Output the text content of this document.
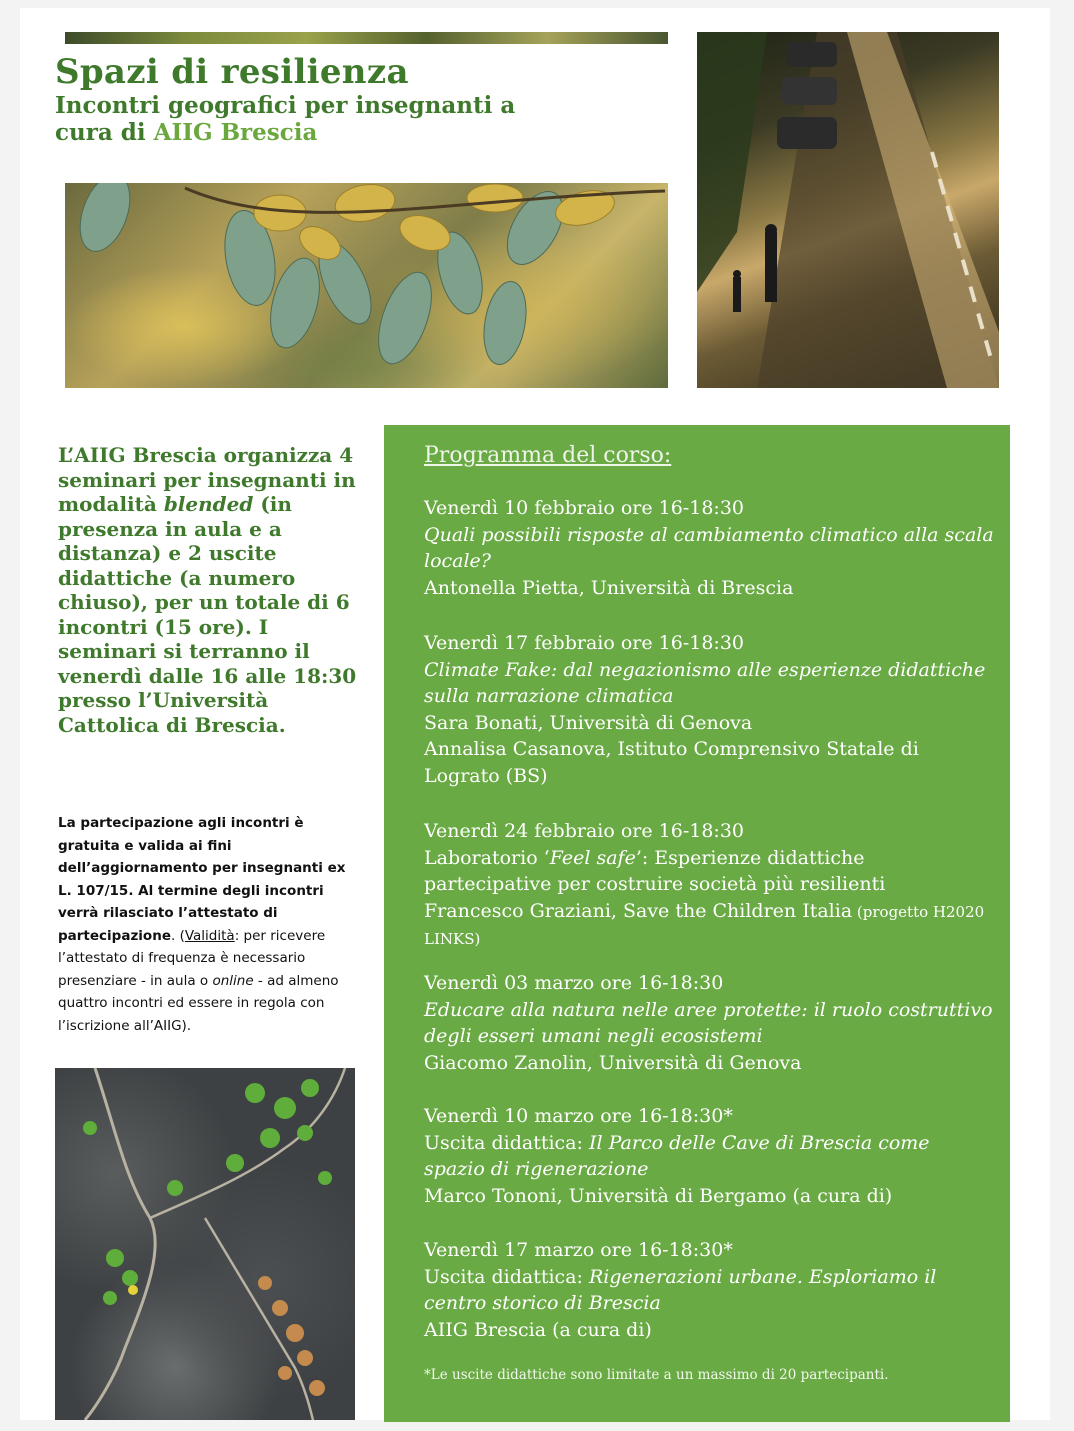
Spazi di resilienza
Incontri geografici per insegnanti a
cura di AIIG Brescia
L’AIIG Brescia organizza 4 seminari per insegnanti in modalità blended (in presenza in aula e a distanza) e 2 uscite didattiche (a numero chiuso), per un totale di 6 incontri (15 ore). I seminari si terranno il venerdì dalle 16 alle 18:30 presso l’Università Cattolica di Brescia.
La partecipazione agli incontri è gratuita e valida ai fini dell’aggiornamento per insegnanti ex L. 107/15. Al termine degli incontri verrà rilasciato l’attestato di partecipazione. (Validità: per ricevere l’attestato di frequenza è necessario presenziare - in aula o online - ad almeno quattro incontri ed essere in regola con l’iscrizione all’AIIG).
Programma del corso:
Venerdì 10 febbraio ore 16-18:30
Quali possibili risposte al cambiamento climatico alla scala locale?
Antonella Pietta, Università di Brescia
Venerdì 17 febbraio ore 16-18:30
Climate Fake: dal negazionismo alle esperienze didattiche sulla narrazione climatica
Sara Bonati, Università di Genova
Annalisa Casanova, Istituto Comprensivo Statale di Lograto (BS)
Venerdì 24 febbraio ore 16-18:30
Laboratorio ‘Feel safe’: Esperienze didattiche partecipative per costruire società più resilienti
Francesco Graziani, Save the Children Italia (progetto H2020 LINKS)
Venerdì 03 marzo ore 16-18:30
Educare alla natura nelle aree protette: il ruolo costruttivo degli esseri umani negli ecosistemi
Giacomo Zanolin, Università di Genova
Venerdì 10 marzo ore 16-18:30*
Uscita didattica: Il Parco delle Cave di Brescia come spazio di rigenerazione
Marco Tononi, Università di Bergamo (a cura di)
Venerdì 17 marzo ore 16-18:30*
Uscita didattica: Rigenerazioni urbane. Esploriamo il centro storico di Brescia
AIIG Brescia (a cura di)
*Le uscite didattiche sono limitate a un massimo di 20 partecipanti.
